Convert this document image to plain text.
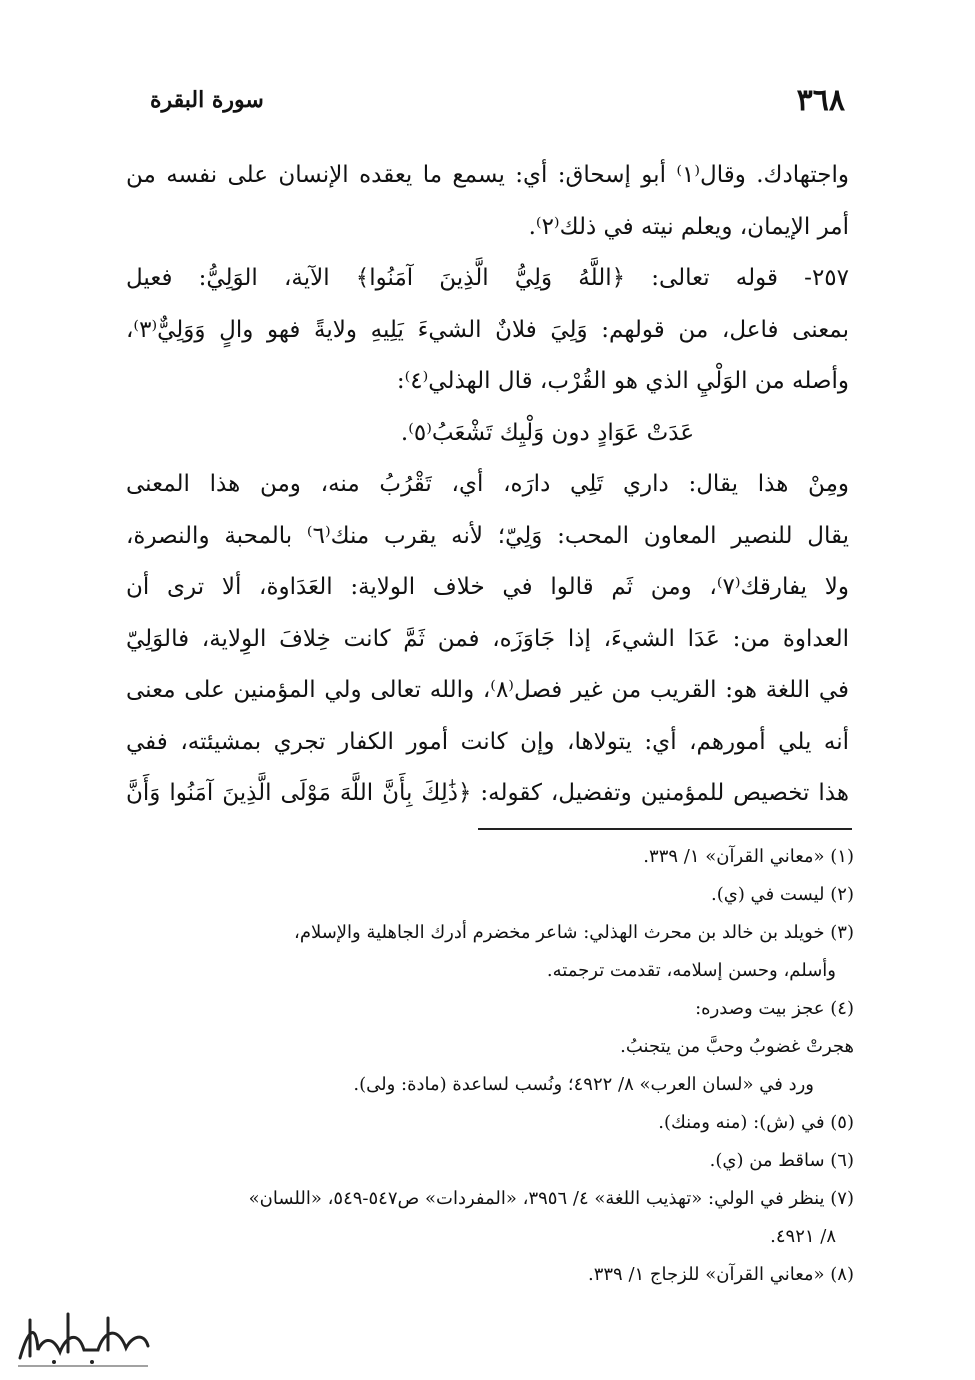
٣٦٨
سورة البقرة
واجتهادك. وقال⁽١⁾ أبو إسحاق: أي: يسمع ما يعقده الإنسان على نفسه من
أمر الإيمان، ويعلم نيته في ذلك⁽٢⁾.
٢٥٧- قوله تعالى: ﴿اللَّهُ وَلِيُّ الَّذِينَ آمَنُوا﴾ الآية، الوَلِيُّ: فعيل
بمعنى فاعل، من قولهم: وَلِيَ فلانٌ الشيءَ يَلِيهِ ولايةً فهو والٍ وَوَلِيٌّ⁽٣⁾،
وأصله من الوَلْيِ الذي هو القُرْب، قال الهذلي⁽٤⁾:
عَدَتْ عَوَادٍ دون وَلْيِك تَشْعَبُ⁽٥⁾.
ومِنْ هذا يقال: داري تَلِي دارَه، أي، تَقْرُبُ منه، ومن هذا المعنى
يقال للنصير المعاون المحب: وَلِيّ؛ لأنه يقرب منك⁽٦⁾ بالمحبة والنصرة،
ولا يفارقك⁽٧⁾، ومن ثَم قالوا في خلاف الولاية: العَدَاوة، ألا ترى أن
العداوة من: عَدَا الشيءَ، إذا جَاوَزَه، فمن ثَمَّ كانت خِلافَ الوِلاية، فالوَلِيّ
في اللغة هو: القريب من غير فصل⁽٨⁾، والله تعالى ولي المؤمنين على معنى
أنه يلي أمورهم، أي: يتولاها، وإن كانت أمور الكفار تجري بمشيئته، ففي
هذا تخصيص للمؤمنين وتفضيل، كقوله: ﴿ذَٰلِكَ بِأَنَّ اللَّهَ مَوْلَى الَّذِينَ آمَنُوا وَأَنَّ
(١) «معاني القرآن» ١/ ٣٣٩.
(٢) ليست في (ي).
(٣) خويلد بن خالد بن محرث الهذلي: شاعر مخضرم أدرك الجاهلية والإسلام،
وأسلم، وحسن إسلامه، تقدمت ترجمته.
(٤) عجز بيت وصدره:
هجرتْ غضوبُ وحبَّ من يتجنبُ.
ورد في «لسان العرب» ٨/ ٤٩٢٢؛ ونُسب لساعدة (مادة: ولى).
(٥) في (ش): (منه ومنك).
(٦) ساقط من (ي).
(٧) ينظر في الولي: «تهذيب اللغة» ٤/ ٣٩٥٦، «المفردات» ص٥٤٧-٥٤٩، «اللسان»
٨/ ٤٩٢١.
(٨) «معاني القرآن» للزجاج ١/ ٣٣٩.
